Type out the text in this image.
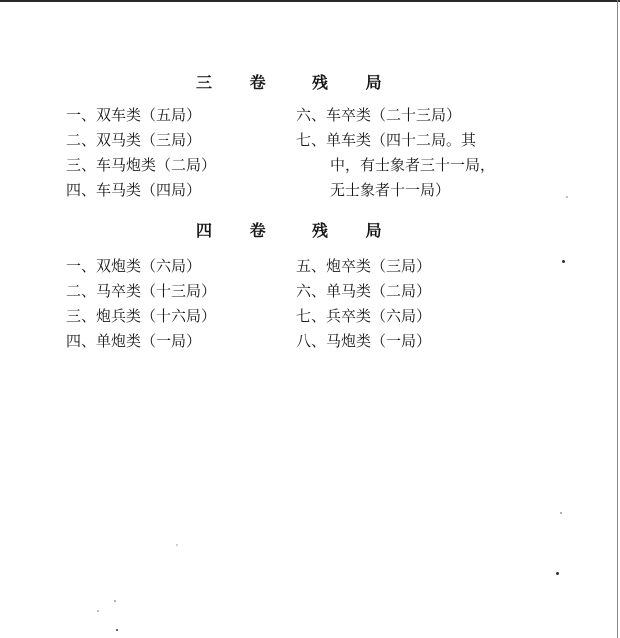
三 卷 残 局
一、双车类（五局）
二、双马类（三局）
三、车马炮类（二局）
四、车马类（四局）
六、车卒类（二十三局）
七、单车类（四十二局。其
中，有士象者三十一局，
无士象者十一局）
四 卷 残 局
一、双炮类（六局）
二、马卒类（十三局）
三、炮兵类（十六局）
四、单炮类（一局）
五、炮卒类（三局）
六、单马类（二局）
七、兵卒类（六局）
八、马炮类（一局）
